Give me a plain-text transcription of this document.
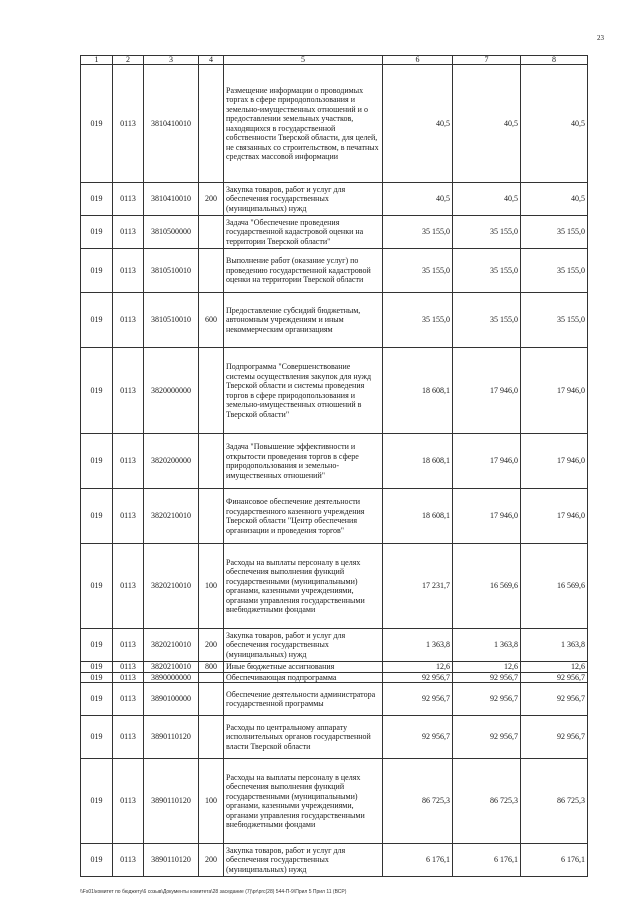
23
1	2	3	4	5	6	7	8
019	0113	3810410010		Размещение информации о проводимых торгах в сфере природопользования и земельно-имущественных отношений и о предоставлении земельных участков, находящихся в государственной собственности Тверской области, для целей, не связанных со строительством, в печатных средствах массовой информации	40,5	40,5	40,5
019	0113	3810410010	200	Закупка товаров, работ и услуг для обеспечения государственных (муниципальных) нужд	40,5	40,5	40,5
019	0113	3810500000		Задача "Обеспечение проведения государственной кадастровой оценки на территории Тверской области"	35 155,0	35 155,0	35 155,0
019	0113	3810510010		Выполнение работ (оказание услуг) по проведению государственной кадастровой оценки на территории Тверской области	35 155,0	35 155,0	35 155,0
019	0113	3810510010	600	Предоставление субсидий бюджетным, автономным учреждениям и иным некоммерческим организациям	35 155,0	35 155,0	35 155,0
019	0113	3820000000		Подпрограмма "Совершенствование системы осуществления закупок для нужд Тверской области и системы проведения торгов в сфере природопользования и земельно-имущественных отношений в Тверской области"	18 608,1	17 946,0	17 946,0
019	0113	3820200000		Задача "Повышение эффективности и открытости проведения торгов в сфере природопользования и земельно-имущественных отношений"	18 608,1	17 946,0	17 946,0
019	0113	3820210010		Финансовое обеспечение деятельности государственного казенного учреждения Тверской области "Центр обеспечения организации и проведения торгов"	18 608,1	17 946,0	17 946,0
019	0113	3820210010	100	Расходы на выплаты персоналу в целях обеспечения выполнения функций государственными (муниципальными) органами, казенными учреждениями, органами управления государственными внебюджетными фондами	17 231,7	16 569,6	16 569,6
019	0113	3820210010	200	Закупка товаров, работ и услуг для обеспечения государственных (муниципальных) нужд	1 363,8	1 363,8	1 363,8
019	0113	3820210010	800	Иные бюджетные ассигнования	12,6	12,6	12,6
019	0113	3890000000		Обеспечивающая подпрограмма	92 956,7	92 956,7	92 956,7
019	0113	3890100000		Обеспечение деятельности администратора государственной программы	92 956,7	92 956,7	92 956,7
019	0113	3890110120		Расходы по центральному аппарату исполнительных органов государственной власти Тверской области	92 956,7	92 956,7	92 956,7
019	0113	3890110120	100	Расходы на выплаты персоналу в целях обеспечения выполнения функций государственными (муниципальными) органами, казенными учреждениями, органами управления государственными внебюджетными фондами	86 725,3	86 725,3	86 725,3
019	0113	3890110120	200	Закупка товаров, работ и услуг для обеспечения государственных (муниципальных) нужд	6 176,1	6 176,1	6 176,1
\\Fs01\комитет по бюджету\6 созыв\Документы комитета\28 заседание (7)\pr\prc(28) 544-П-9\Прил 5 Прил 11 (ВСР)
